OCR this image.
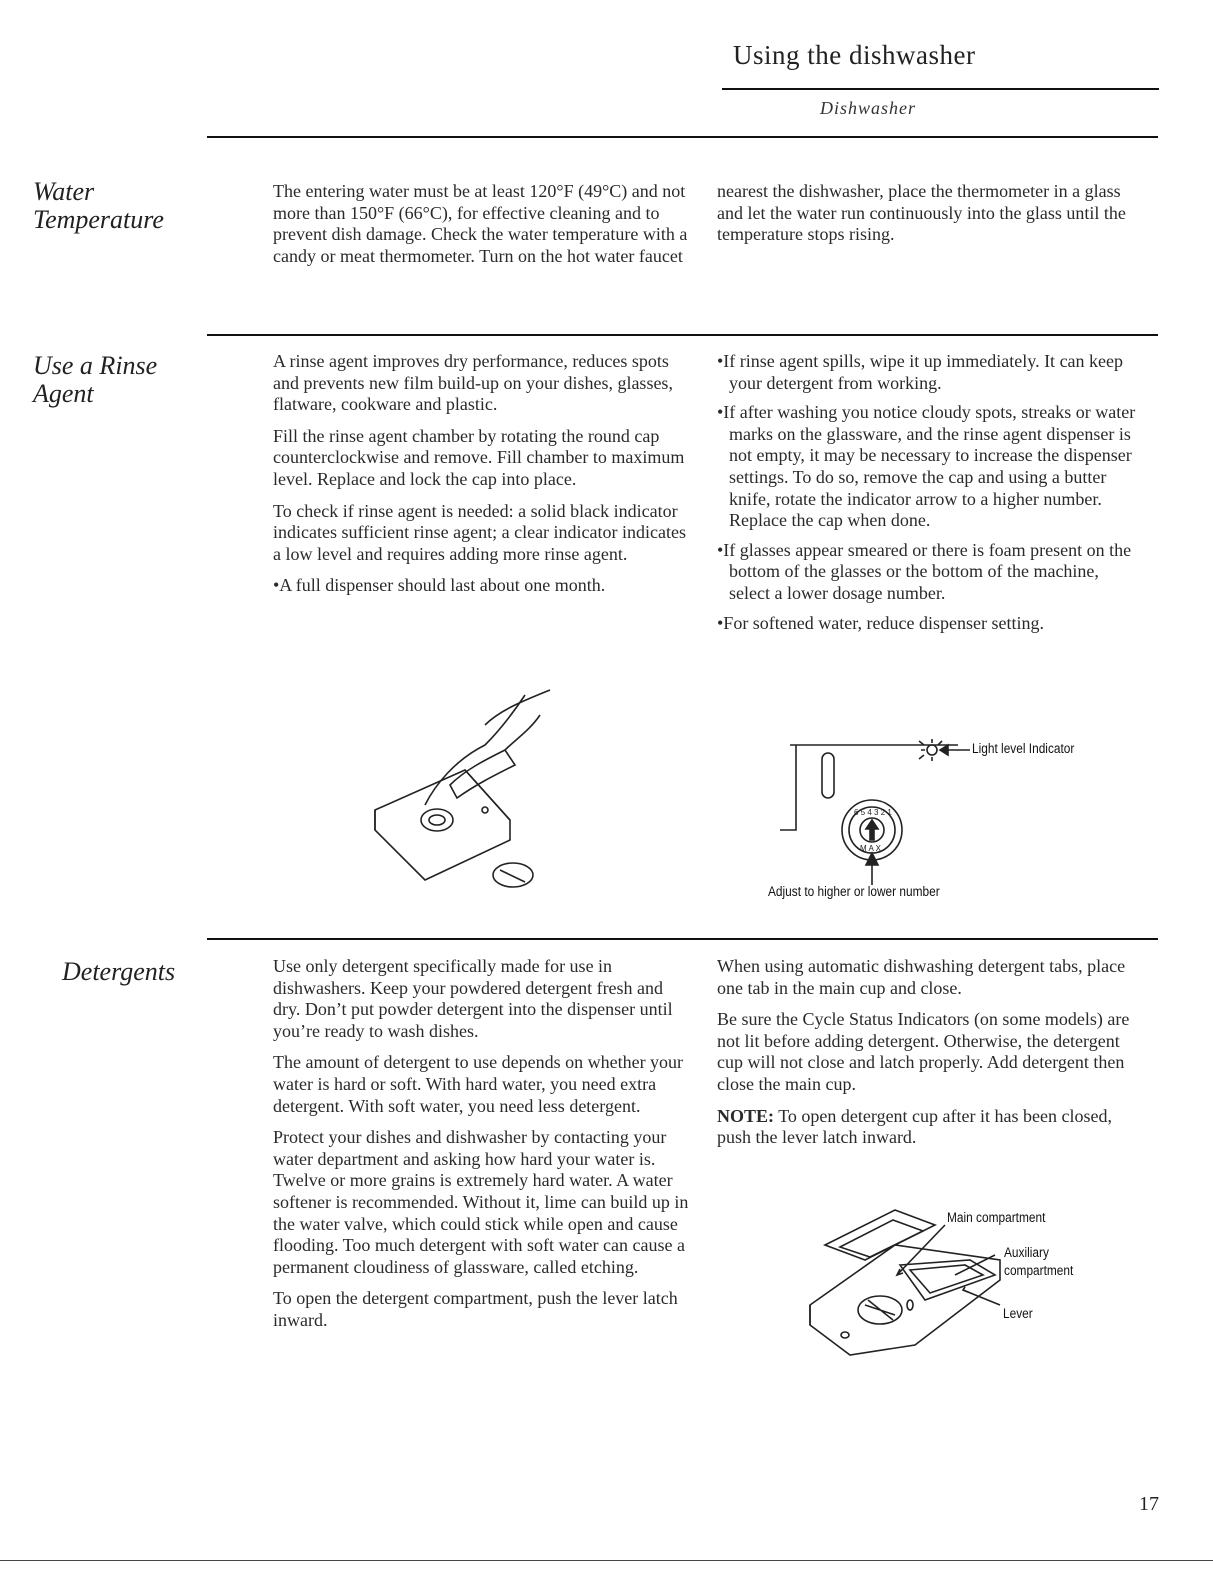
Using the dishwasher
Dishwasher
Water
Temperature

The entering water must be at least 120°F (49°C) and not more than 150°F (66°C), for effective cleaning and to prevent dish damage. Check the water temperature with a candy or meat thermometer. Turn on the hot water faucet

nearest the dishwasher, place the thermometer in a glass and let the water run continuously into the glass until the temperature stops rising.

Use a Rinse
Agent

A rinse agent improves dry performance, reduces spots and prevents new film build-up on your dishes, glasses, flatware, cookware and plastic.

Fill the rinse agent chamber by rotating the round cap counterclockwise and remove. Fill chamber to maximum level. Replace and lock the cap into place.

To check if rinse agent is needed: a solid black indicator indicates sufficient rinse agent; a clear indicator indicates a low level and requires adding more rinse agent.

•A full dispenser should last about one month.

•If rinse agent spills, wipe it up immediately. It can keep your detergent from working.

•If after washing you notice cloudy spots, streaks or water marks on the glassware, and the rinse agent dispenser is not empty, it may be necessary to increase the dispenser settings. To do so, remove the cap and using a butter knife, rotate the indicator arrow to a higher number. Replace the cap when done.

•If glasses appear smeared or there is foam present on the bottom of the glasses or the bottom of the machine, select a lower dosage number.

•For softened water, reduce dispenser setting.

6 5 4 3 2 1
M A X
Light level Indicator
Adjust to higher or lower number
Detergents	Use only detergent specifically made for use in dishwashers. Keep your powdered detergent fresh and dry. Don’t put powder detergent into the dispenser until you’re ready to wash dishes.

The amount of detergent to use depends on whether your water is hard or soft. With hard water, you need extra detergent. With soft water, you need less detergent.

Protect your dishes and dishwasher by contacting your water department and asking how hard your water is. Twelve or more grains is extremely hard water. A water softener is recommended. Without it, lime can build up in the water valve, which could stick while open and cause flooding. Too much detergent with soft water can cause a permanent cloudiness of glassware, called etching.

To open the detergent compartment, push the lever latch inward.

When using automatic dishwashing detergent tabs, place one tab in the main cup and close.

Be sure the Cycle Status Indicators (on some models) are not lit before adding detergent. Otherwise, the detergent cup will not close and latch properly. Add detergent then close the main cup.

NOTE: To open detergent cup after it has been closed, push the lever latch inward.

Main compartment
Auxiliary
compartment
Lever
17
